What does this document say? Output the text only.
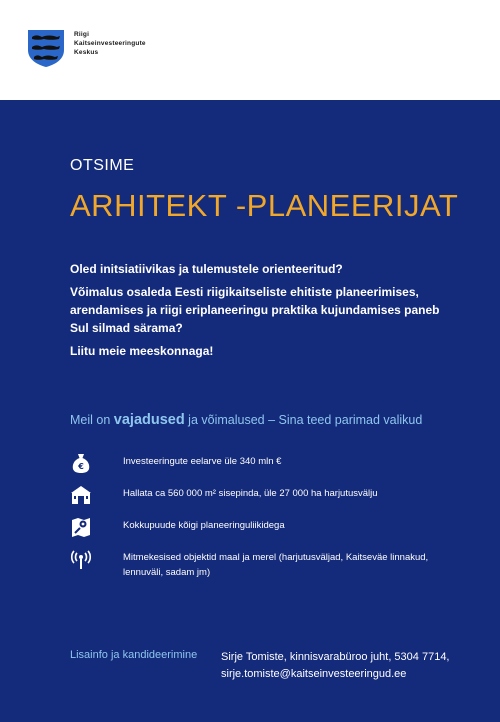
Riigi
Kaitseinvesteeringute
Keskus
OTSIME
ARHITEKT -PLANEERIJAT

Oled initsiatiivikas ja tulemustele orienteeritud?

Võimalus osaleda Eesti riigikaitseliste ehitiste planeerimises, arendamises ja riigi eriplaneeringu praktika kujundamises paneb Sul silmad särama?

Liitu meie meeskonnaga!

Meil on vajadused ja võimalused – Sina teed parimad valikud
€	Investeeringute eelarve üle 340 mln €
Hallata ca 560 000 m² sisepinda, üle 27 000 ha harjutusvälju
Kokkupuude kõigi planeeringuliikidega
Mitmekesised objektid maal ja merel (harjutusväljad, Kaitseväe linnakud, lennuväli, sadam jm)
Lisainfo ja kandideerimine Sirje Tomiste, kinnisvarabüroo juht, 5304 7714,
sirje.tomiste@kaitseinvesteeringud.ee
